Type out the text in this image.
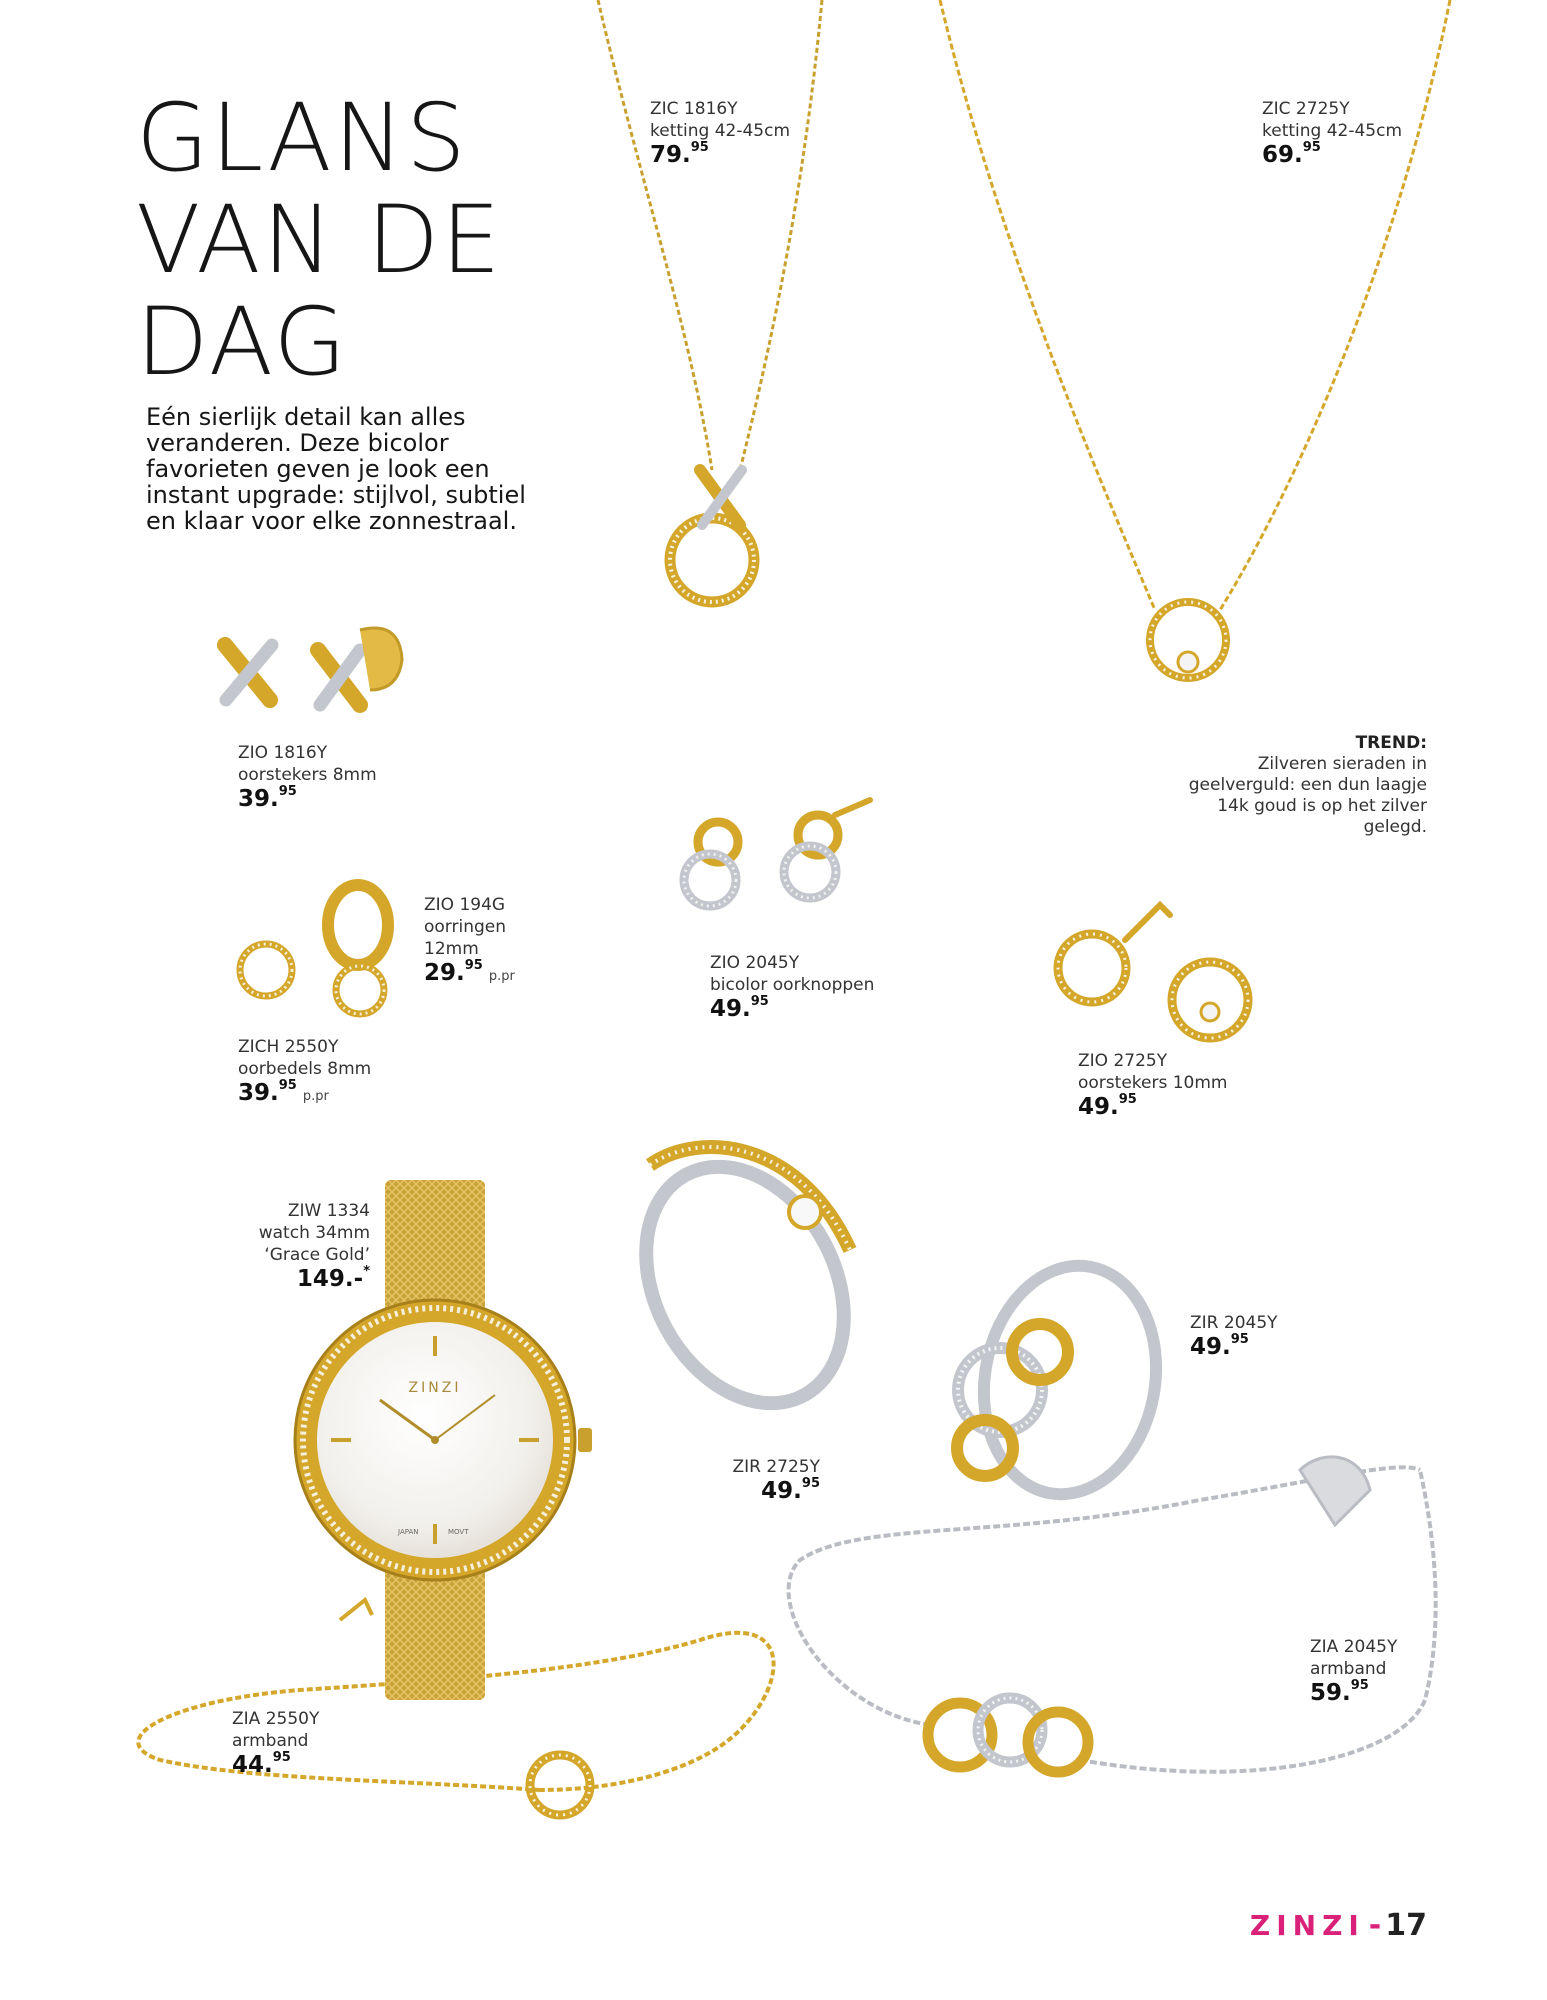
ZINZI
JAPAN	MOVT
GLANS
VAN DE
DAG

Eén sierlijk detail kan alles veranderen. Deze bicolor favorieten geven je look een instant upgrade: stijlvol, subtiel en klaar voor elke zonnestraal.

ZIC 1816Y
ketting 42-45cm
79.95
ZIC 2725Y
ketting 42-45cm
69.95
ZIO 1816Y
oorstekers 8mm
39.95
ZIO 194G
oorringen
12mm
29.95p.pr
ZICH 2550Y
oorbedels 8mm
39.95p.pr
ZIO 2045Y
bicolor oorknoppen
49.95
ZIO 2725Y
oorstekers 10mm
49.95
ZIW 1334
watch 34mm
‘Grace Gold’
149.-*
ZIR 2725Y
49.95
ZIR 2045Y
49.95
ZIA 2045Y
armband
59.95
ZIA 2550Y
armband
44.95
TREND:
Zilveren sieraden in geelverguld: een dun laagje 14k goud is op het zilver gelegd.
ZINZI - 17
